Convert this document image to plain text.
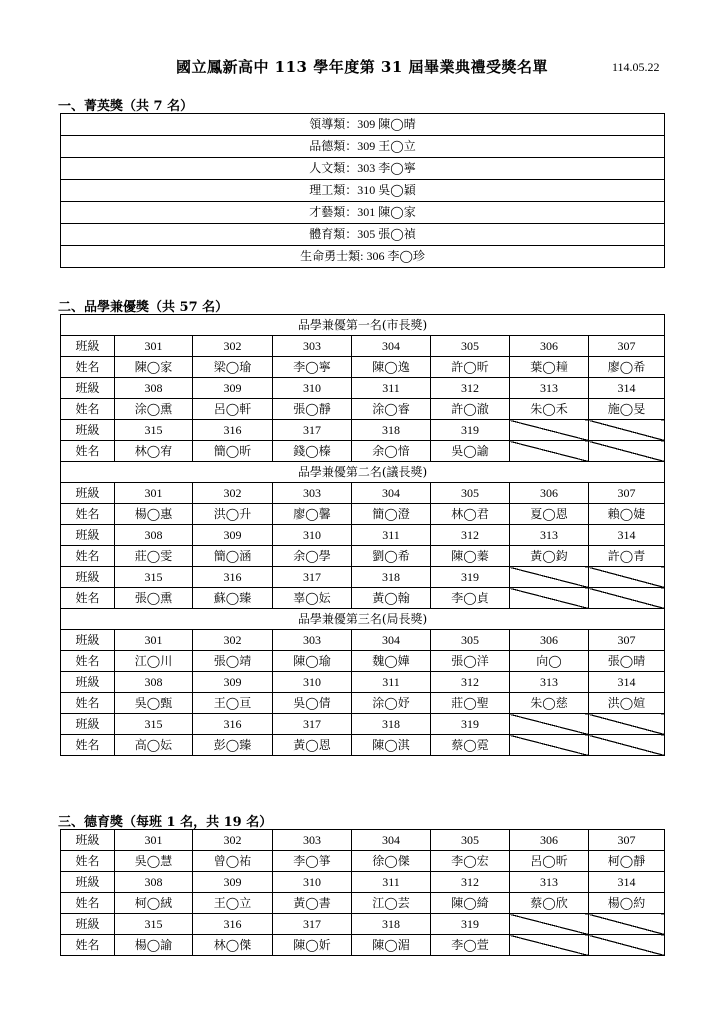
國立鳳新高中 113 學年度第 31 屆畢業典禮受獎名單	114.05.22
一、菁英獎（共 7 名）
領導類：309 陳◯晴
品德類：309 王◯立
人文類：303 李◯寧
理工類：310 吳◯穎
才藝類：301 陳◯家
體育類：305 張◯禎
生命勇士類: 306 李◯珍
二、品學兼優獎（共 57 名）
品學兼優第一名(市長獎)							
班級	301	302	303	304	305	306	307
姓名	陳◯家	梁◯瑜	李◯寧	陳◯逸	許◯昕	葉◯𦔛	廖◯希
班級	308	309	310	311	312	313	314
姓名	涂◯熏	呂◯軒	張◯靜	涂◯睿	許◯澈	朱◯禾	施◯旻
班級	315	316	317	318	319		
姓名	林◯宥	簡◯昕	錢◯榛	余◯愔	吳◯諭		
品學兼優第二名(議長獎)							
班級	301	302	303	304	305	306	307
姓名	楊◯惠	洪◯升	廖◯馨	簡◯澄	林◯君	夏◯恩	賴◯婕
班級	308	309	310	311	312	313	314
姓名	莊◯雯	簡◯涵	余◯學	劉◯希	陳◯蓁	黃◯鈞	許◯青
班級	315	316	317	318	319		
姓名	張◯熏	蘇◯臻	辜◯妘	黃◯翰	李◯貞		
品學兼優第三名(局長獎)							
班級	301	302	303	304	305	306	307
姓名	江◯川	張◯靖	陳◯瑜	魏◯嬅	張◯洋	向◯	張◯晴
班級	308	309	310	311	312	313	314
姓名	吳◯甄	王◯亘	吳◯倩	涂◯妤	莊◯聖	朱◯慈	洪◯媗
班級	315	316	317	318	319		
姓名	高◯妘	彭◯臻	黃◯恩	陳◯淇	蔡◯霓		
三、德育獎（每班 1 名，共 19 名）
班級	301	302	303	304	305	306	307
姓名	吳◯慧	曾◯祐	李◯箏	徐◯傑	李◯宏	呂◯昕	柯◯靜
班級	308	309	310	311	312	313	314
姓名	柯◯絨	王◯立	黃◯書	江◯芸	陳◯綺	蔡◯欣	楊◯約
班級	315	316	317	318	319		
姓名	楊◯諭	林◯傑	陳◯妡	陳◯湄	李◯萱		
